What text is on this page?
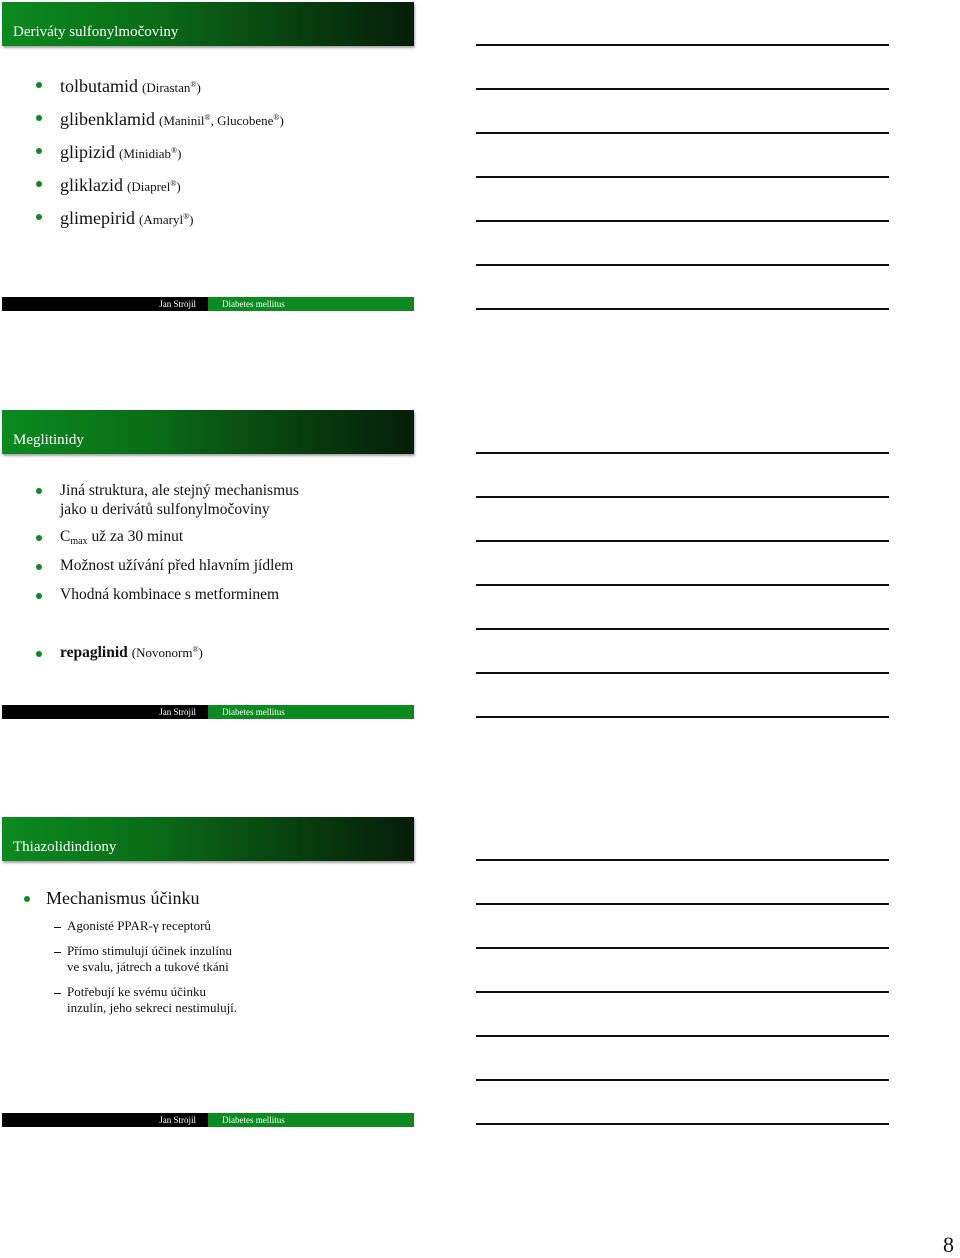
Deriváty sulfonylmočoviny
tolbutamid (Dirastan®)
glibenklamid (Maninil®, Glucobene®)
glipizid (Minidiab®)
gliklazid (Diaprel®)
glimepirid (Amaryl®)
Jan Strojil	Diabetes mellitus
Meglitinidy
Jiná struktura, ale stejný mechanismus
jako u derivátů sulfonylmočoviny
$C_{max}$ už za 30 minut
Možnost užívání před hlavním jídlem
Vhodná kombinace s metforminem
repaglinid (Novonorm®)
Jan Strojil	Diabetes mellitus
Thiazolidindiony
Mechanismus účinku
Agonisté PPAR-γ receptorů
Přímo stimulují účinek inzulínu
ve svalu, játrech a tukové tkáni
Potřebují ke svému účinku
inzulín, jeho sekreci nestimulují.
Jan Strojil	Diabetes mellitus
8
